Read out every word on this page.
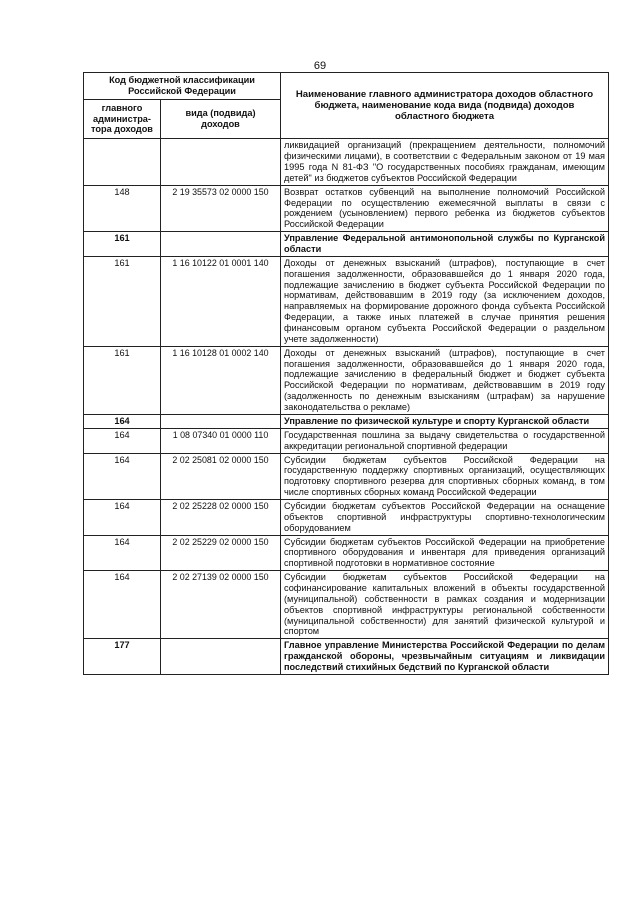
69
Код бюджетной классификации Российской Федерации		Наименование главного администратора доходов областного бюджета, наименование кода вида (подвида) доходов областного бюджета
главного администра-тора доходов	вида (подвида) доходов	
		ликвидацией организаций (прекращением деятельности, полномочий физическими лицами), в соответствии с Федеральным законом от 19 мая 1995 года N 81-ФЗ "О государственных пособиях гражданам, имеющим детей" из бюджетов субъектов Российской Федерации
148	2 19 35573 02 0000 150	Возврат остатков субвенций на выполнение полномочий Российской Федерации по осуществлению ежемесячной выплаты в связи с рождением (усыновлением) первого ребенка из бюджетов субъектов Российской Федерации
161		Управление Федеральной антимонопольной службы по Курганской области
161	1 16 10122 01 0001 140	Доходы от денежных взысканий (штрафов), поступающие в счет погашения задолженности, образовавшейся до 1 января 2020 года, подлежащие зачислению в бюджет субъекта Российской Федерации по нормативам, действовавшим в 2019 году (за исключением доходов, направляемых на формирование дорожного фонда субъекта Российской Федерации, а также иных платежей в случае принятия решения финансовым органом субъекта Российской Федерации о раздельном учете задолженности)
161	1 16 10128 01 0002 140	Доходы от денежных взысканий (штрафов), поступающие в счет погашения задолженности, образовавшейся до 1 января 2020 года, подлежащие зачислению в федеральный бюджет и бюджет субъекта Российской Федерации по нормативам, действовавшим в 2019 году (задолженность по денежным взысканиям (штрафам) за нарушение законодательства о рекламе)
164		Управление по физической культуре и спорту Курганской области
164	1 08 07340 01 0000 110	Государственная пошлина за выдачу свидетельства о государственной аккредитации региональной спортивной федерации
164	2 02 25081 02 0000 150	Субсидии бюджетам субъектов Российской Федерации на государственную поддержку спортивных организаций, осуществляющих подготовку спортивного резерва для спортивных сборных команд, в том числе спортивных сборных команд Российской Федерации
164	2 02 25228 02 0000 150	Субсидии бюджетам субъектов Российской Федерации на оснащение объектов спортивной инфраструктуры спортивно-технологическим оборудованием
164	2 02 25229 02 0000 150	Субсидии бюджетам субъектов Российской Федерации на приобретение спортивного оборудования и инвентаря для приведения организаций спортивной подготовки в нормативное состояние
164	2 02 27139 02 0000 150	Субсидии бюджетам субъектов Российской Федерации на софинансирование капитальных вложений в объекты государственной (муниципальной) собственности в рамках создания и модернизации объектов спортивной инфраструктуры региональной собственности (муниципальной собственности) для занятий физической культурой и спортом
177		Главное управление Министерства Российской Федерации по делам гражданской обороны, чрезвычайным ситуациям и ликвидации последствий стихийных бедствий по Курганской области
